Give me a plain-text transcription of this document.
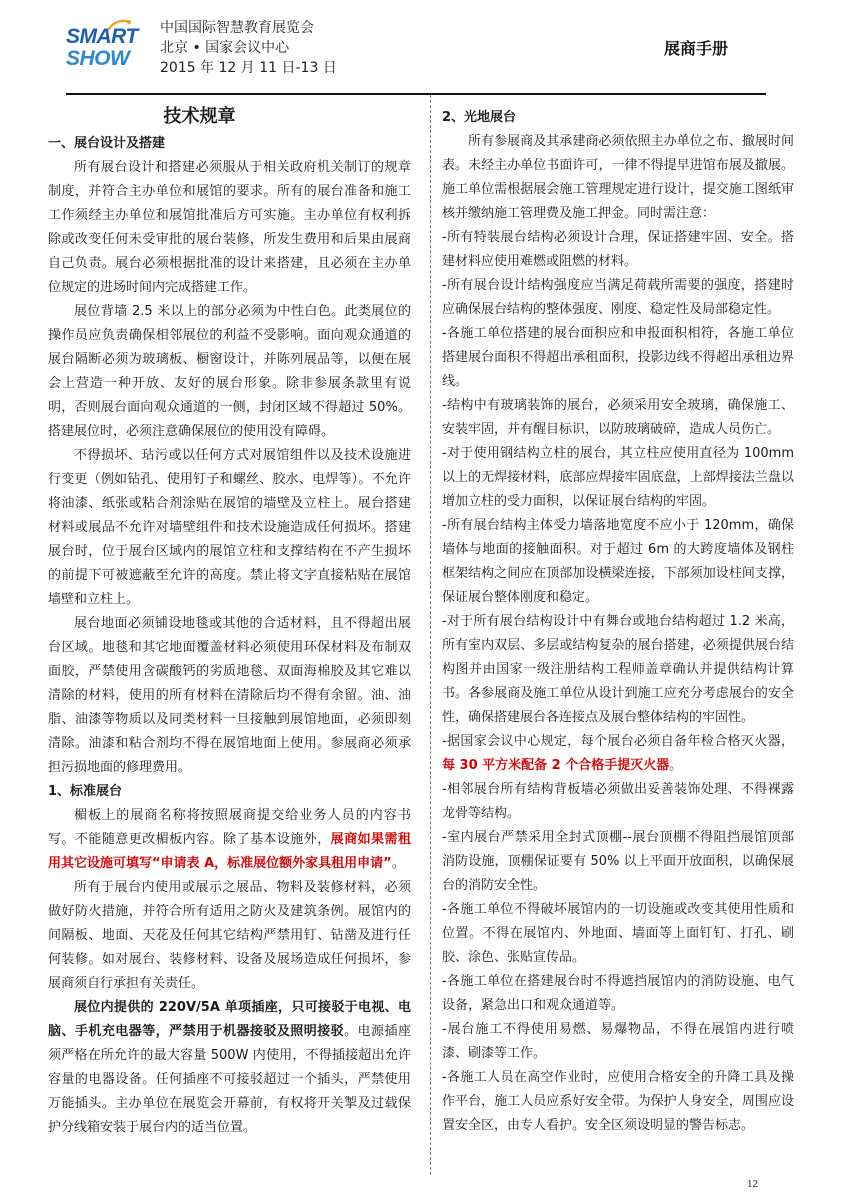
SMART
SHOW
中国国际智慧教育展览会
北京 • 国家会议中心
2015 年 12 月 11 日-13 日
展商手册
技术规章

一、展台设计及搭建

所有展台设计和搭建必须服从于相关政府机关制订的规章制度，并符合主办单位和展馆的要求。所有的展台准备和施工工作须经主办单位和展馆批准后方可实施。主办单位有权利拆除或改变任何未受审批的展台装修，所发生费用和后果由展商自己负责。展台必须根据批准的设计来搭建，且必须在主办单位规定的进场时间内完成搭建工作。

展位背墙 2.5 米以上的部分必须为中性白色。此类展位的操作员应负责确保相邻展位的利益不受影响。面向观众通道的展台隔断必须为玻璃板、橱窗设计，并陈列展品等，以便在展会上营造一种开放、友好的展台形象。除非参展条款里有说明，否则展台面向观众通道的一侧，封闭区域不得超过 50%。搭建展位时，必须注意确保展位的使用没有障碍。

不得损坏、玷污或以任何方式对展馆组件以及技术设施进行变更（例如钻孔、使用钉子和螺丝、胶水、电焊等）。不允许将油漆、纸张或粘合剂涂贴在展馆的墙壁及立柱上。展台搭建材料或展品不允许对墙壁组件和技术设施造成任何损坏。搭建展台时，位于展台区域内的展馆立柱和支撑结构在不产生损坏的前提下可被遮蔽至允许的高度。禁止将文字直接粘贴在展馆墙壁和立柱上。

展台地面必须铺设地毯或其他的合适材料，且不得超出展台区域。地毯和其它地面覆盖材料必须使用环保材料及布制双面胶，严禁使用含碳酸钙的劣质地毯、双面海棉胶及其它难以清除的材料，使用的所有材料在清除后均不得有余留。油、油脂、油漆等物质以及同类材料一旦接触到展馆地面，必须即刻清除。油漆和粘合剂均不得在展馆地面上使用。参展商必须承担污损地面的修理费用。

1、标准展台

楣板上的展商名称将按照展商提交给业务人员的内容书写。不能随意更改楣板内容。除了基本设施外，展商如果需租用其它设施可填写“申请表 A，标准展位额外家具租用申请”。

所有于展台内使用或展示之展品、物料及装修材料，必须做好防火措施，并符合所有适用之防火及建筑条例。展馆内的间隔板、地面、天花及任何其它结构严禁用钉、钻凿及进行任何装修。如对展台、装修材料、设备及展场造成任何损坏，参展商须自行承担有关责任。

展位内提供的 220V/5A 单项插座，只可接驳于电视、电脑、手机充电器等，严禁用于机器接驳及照明接驳。电源插座须严格在所允许的最大容量 500W 内使用，不得插接超出允许容量的电器设备。任何插座不可接驳超过一个插头，严禁使用万能插头。主办单位在展览会开幕前，有权将开关掣及过载保护分线箱安装于展台内的适当位置。

2、光地展台

所有参展商及其承建商必须依照主办单位之布、撤展时间表。未经主办单位书面许可，一律不得提早进馆布展及撤展。施工单位需根据展会施工管理规定进行设计，提交施工图纸审核并缴纳施工管理费及施工押金。同时需注意：

-所有特装展台结构必须设计合理，保证搭建牢固、安全。搭建材料应使用难燃或阻燃的材料。

-所有展台设计结构强度应当满足荷载所需要的强度，搭建时应确保展台结构的整体强度、刚度、稳定性及局部稳定性。

-各施工单位搭建的展台面积应和申报面积相符，各施工单位搭建展台面积不得超出承租面积，投影边线不得超出承租边界线。

-结构中有玻璃装饰的展台，必须采用安全玻璃，确保施工、安装牢固，并有醒目标识，以防玻璃破碎，造成人员伤亡。

-对于使用钢结构立柱的展台，其立柱应使用直径为 100mm 以上的无焊接材料，底部应焊接牢固底盘，上部焊接法兰盘以增加立柱的受力面积，以保证展台结构的牢固。

-所有展台结构主体受力墙落地宽度不应小于 120mm，确保墙体与地面的接触面积。对于超过 6m 的大跨度墙体及钢柱框架结构之间应在顶部加设横梁连接，下部须加设柱间支撑，保证展台整体刚度和稳定。

-对于所有展台结构设计中有舞台或地台结构超过 1.2 米高，所有室内双层、多层或结构复杂的展台搭建，必须提供展台结构图并由国家一级注册结构工程师盖章确认并提供结构计算书。各参展商及施工单位从设计到施工应充分考虑展台的安全性，确保搭建展台各连接点及展台整体结构的牢固性。

-据国家会议中心规定，每个展台必须自备年检合格灭火器，每 30 平方米配备 2 个合格手提灭火器。

-相邻展台所有结构背板墙必须做出妥善装饰处理、不得裸露龙骨等结构。

-室内展台严禁采用全封式顶棚--展台顶棚不得阻挡展馆顶部消防设施，顶棚保证要有 50% 以上平面开放面积，以确保展台的消防安全性。

-各施工单位不得破坏展馆内的一切设施或改变其使用性质和位置。不得在展馆内、外地面、墙面等上面钉钉、打孔、刷胶、涂色、张贴宣传品。

-各施工单位在搭建展台时不得遮挡展馆内的消防设施、电气设备，紧急出口和观众通道等。

-展台施工不得使用易燃、易爆物品，不得在展馆内进行喷漆、刷漆等工作。

-各施工人员在高空作业时，应使用合格安全的升降工具及操作平台，施工人员应系好安全带。为保护人身安全，周围应设置安全区，由专人看护。安全区须设明显的警告标志。

12
